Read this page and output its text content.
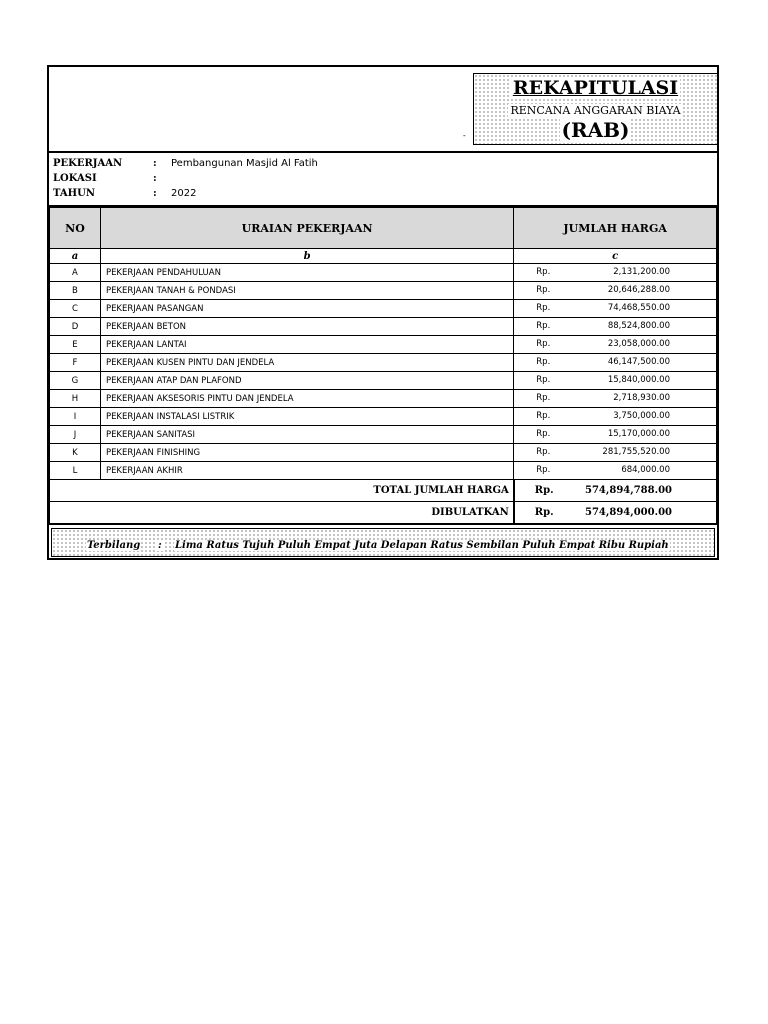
-
REKAPITULASI
RENCANA ANGGARAN BIAYA
(RAB)
PEKERJAAN	: Pembangunan Masjid Al Fatih
LOKASI	:
TAHUN	: 2022
NO	URAIAN PEKERJAAN	JUMLAH HARGA
a	b	c
A	PEKERJAAN PENDAHULUAN	Rp. 2,131,200.00

B	PEKERJAAN TANAH & PONDASI	Rp. 20,646,288.00

C	PEKERJAAN PASANGAN	Rp. 74,468,550.00

D	PEKERJAAN BETON	Rp. 88,524,800.00

E	PEKERJAAN LANTAI	Rp. 23,058,000.00

F	PEKERJAAN KUSEN PINTU DAN JENDELA	Rp. 46,147,500.00

G	PEKERJAAN ATAP DAN PLAFOND	Rp. 15,840,000.00

H	PEKERJAAN AKSESORIS PINTU DAN JENDELA	Rp. 2,718,930.00

I	PEKERJAAN INSTALASI LISTRIK	Rp. 3,750,000.00

J	PEKERJAAN SANITASI	Rp. 15,170,000.00

K	PEKERJAAN FINISHING	Rp. 281,755,520.00

L	PEKERJAAN AKHIR	Rp. 684,000.00

TOTAL JUMLAH HARGA		Rp. 574,894,788.00

DIBULATKAN		Rp. 574,894,000.00
Terbilang : Lima Ratus Tujuh Puluh Empat Juta Delapan Ratus Sembilan Puluh Empat Ribu Rupiah
